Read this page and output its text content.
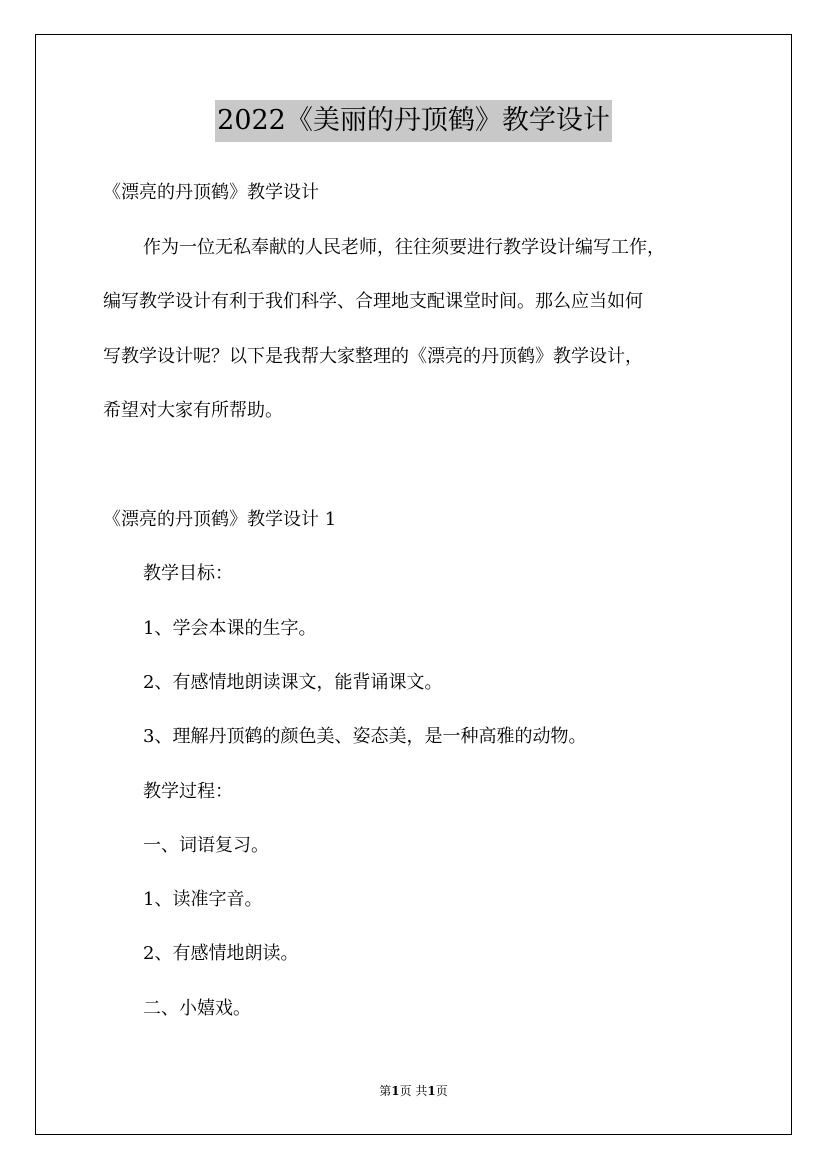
2022《美丽的丹顶鹤》教学设计
《漂亮的丹顶鹤》教学设计
作为一位无私奉献的人民老师，往往须要进行教学设计编写工作，
编写教学设计有利于我们科学、合理地支配课堂时间。那么应当如何
写教学设计呢？以下是我帮大家整理的《漂亮的丹顶鹤》教学设计，
希望对大家有所帮助。
《漂亮的丹顶鹤》教学设计 1
教学目标：
1、学会本课的生字。
2、有感情地朗读课文，能背诵课文。
3、理解丹顶鹤的颜色美、姿态美，是一种高雅的动物。
教学过程：
一、词语复习。
1、读准字音。
2、有感情地朗读。
二、小嬉戏。
第1页 共1页
